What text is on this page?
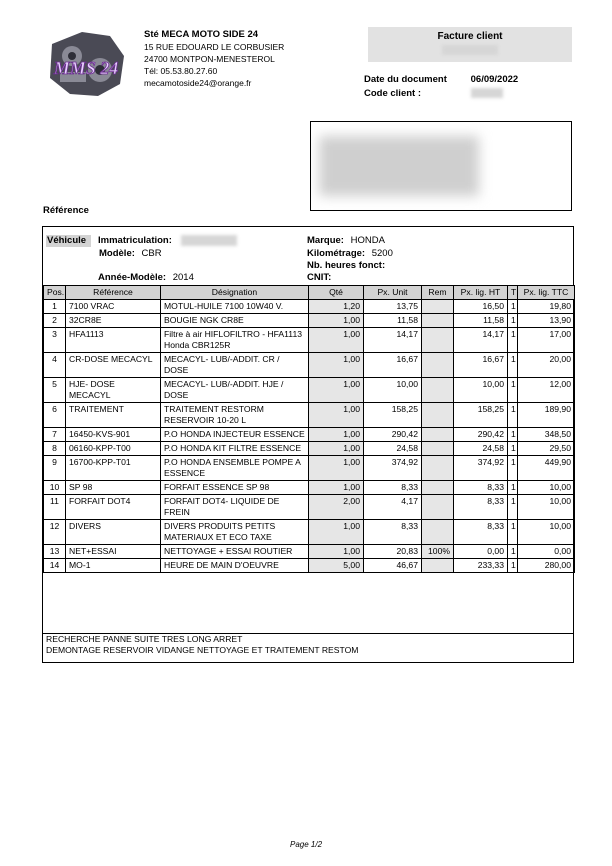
MMS 24
Sté MECA MOTO SIDE 24
15 RUE EDOUARD LE CORBUSIER
24700 MONTPON-MENESTEROL
Tél: 05.53.80.27.60
mecamotoside24@orange.fr
Facture client
Date du document	06/09/2022
Code client :
Référence
Véhicule	Immatriculation:
Modèle: CBR
Année-Modèle: 2014
Marque: HONDA
Kilométrage: 5200
Nb. heures fonct:
CNIT:
Pos.	Référence	Désignation	Qté	Px. Unit	Rem	Px. lig. HT	T	Px. lig. TTC
1	7100 VRAC	MOTUL-HUILE 7100 10W40 V.	1,20	13,75		16,50	1	19,80
2	32CR8E	BOUGIE NGK CR8E	1,00	11,58		11,58	1	13,90
3	HFA1113	Filtre à air HIFLOFILTRO - HFA1113 Honda CBR125R	1,00	14,17		14,17	1	17,00
4	CR-DOSE MECACYL	MECACYL- LUB/-ADDIT. CR / DOSE	1,00	16,67		16,67	1	20,00
5	HJE- DOSE MECACYL	MECACYL- LUB/-ADDIT. HJE / DOSE	1,00	10,00		10,00	1	12,00
6	TRAITEMENT	TRAITEMENT RESTORM RESERVOIR 10-20 L	1,00	158,25		158,25	1	189,90
7	16450-KVS-901	P.O HONDA INJECTEUR ESSENCE	1,00	290,42		290,42	1	348,50
8	06160-KPP-T00	P.O HONDA KIT FILTRE ESSENCE	1,00	24,58		24,58	1	29,50
9	16700-KPP-T01	P.O HONDA ENSEMBLE POMPE A ESSENCE	1,00	374,92		374,92	1	449,90
10	SP 98	FORFAIT ESSENCE SP 98	1,00	8,33		8,33	1	10,00
11	FORFAIT DOT4	FORFAIT DOT4- LIQUIDE DE FREIN	2,00	4,17		8,33	1	10,00
12	DIVERS	DIVERS PRODUITS PETITS MATERIAUX ET ECO TAXE	1,00	8,33		8,33	1	10,00
13	NET+ESSAI	NETTOYAGE + ESSAI ROUTIER	1,00	20,83	100%	0,00	1	0,00
14	MO-1	HEURE DE MAIN D'OEUVRE	5,00	46,67		233,33	1	280,00
RECHERCHE PANNE SUITE TRES LONG ARRET
DEMONTAGE RESERVOIR VIDANGE NETTOYAGE ET TRAITEMENT RESTOM
Page 1/2
